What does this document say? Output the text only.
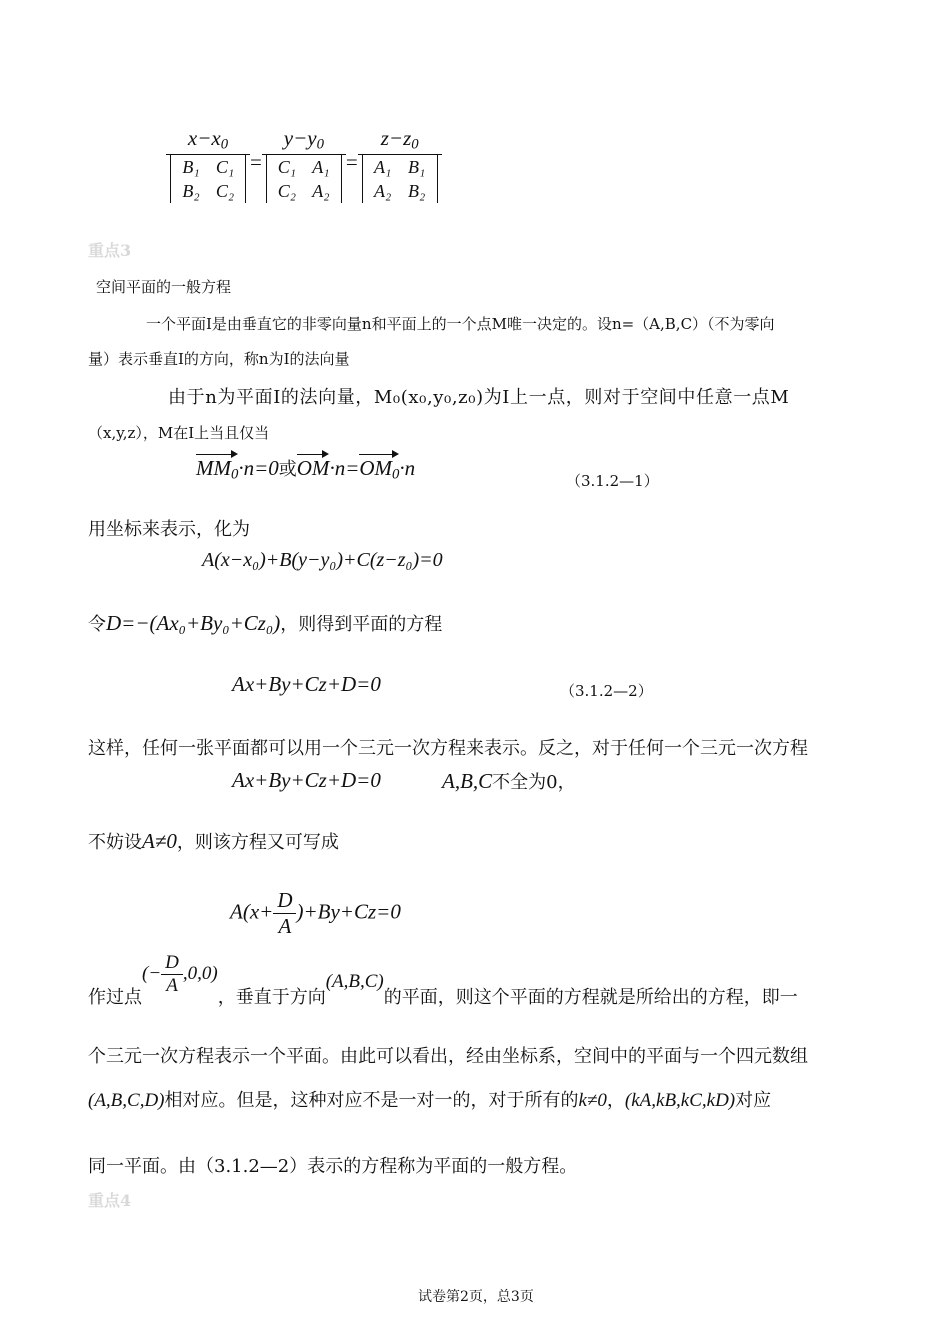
$x-x_0$
B₁ C₁
B₂ $C_2 = y-y_0$
C₁ A₁
C₂ $A_2 = z-z_0$
A₁ B₁
A₂ B₂
重点3
空间平面的一般方程
一个平面Ⅰ是由垂直它的非零向量n和平面上的一个点M唯一决定的。设n=（A,B,C）（不为零向
量）表示垂直Ⅰ的方向，称n为Ⅰ的法向量
由于n为平面Ⅰ的法向量，M₀(x₀,y₀,z₀)为Ⅰ上一点，则对于空间中任意一点M
（x,y,z），M在Ⅰ上当且仅当
$MM_0\cdot n=0$或$OM\cdot n=OM_0\cdot n$
（3.1.2—1）
用坐标来表示，化为
A(x−x₀)+B(y−y₀)+C(z−z₀)=0
令D=−(Ax₀+By₀+Cz₀)，则得到平面的方程
Ax+By+Cz+D=0	（3.1.2—2）
这样，任何一张平面都可以用一个三元一次方程来表示。反之，对于任何一个三元一次方程
Ax+By+Cz+D=0	A,B,C不全为0，
不妨设A≠0，则该方程又可写成
$A(x+ \frac{D}{A} )+By+Cz=0$
作过点(− $\frac{D}{A} ,0,0$)，垂直于方向(A,B,C)的平面，则这个平面的方程就是所给出的方程，即一
个三元一次方程表示一个平面。由此可以看出，经由坐标系，空间中的平面与一个四元数组
(A,B,C,D)相对应。但是，这种对应不是一对一的，对于所有的k≠0，(kA,kB,kC,kD)对应
同一平面。由（3.1.2—2）表示的方程称为平面的一般方程。
重点4
试卷第2页，总3页
